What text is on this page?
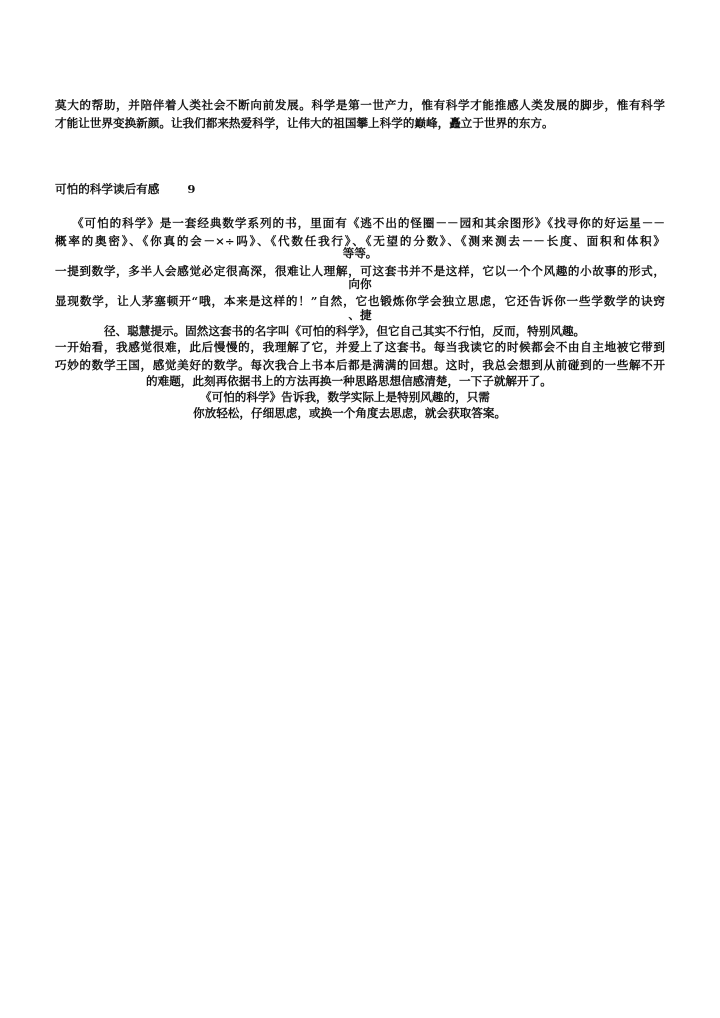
莫大的帮助，并陪伴着人类社会不断向前发展。科学是第一世产力，惟有科学才能推感人类发展的脚步，惟有科学
才能让世界变换新颜。让我们都来热爱科学，让伟大的祖国攀上科学的巅峰，矗立于世界的东方。
可怕的科学读后有感 9
《可怕的科学》是一套经典数学系列的书，里面有《逃不出的怪圈－－园和其余图形》《找寻你的好运星－－
概率的奥密》、《你真的会－×÷吗》、《代数任我行》、《无望的分数》、《测来测去－－长度、面积和体积》
等等。
一提到数学，多半人会感觉必定很高深，很难让人理解，可这套书并不是这样，它以一个个风趣的小故事的形式，
向你
显现数学，让人茅塞顿开“哦，本来是这样的！”自然，它也锻炼你学会独立思虑，它还告诉你一些学数学的诀窍
、捷
径、聪慧提示。固然这套书的名字叫《可怕的科学》，但它自己其实不行怕，反而，特别风趣。
一开始看，我感觉很难，此后慢慢的，我理解了它，并爱上了这套书。每当我读它的时候都会不由自主地被它带到
巧妙的数学王国，感觉美好的数学。每次我合上书本后都是满满的回想。这时，我总会想到从前碰到的一些解不开
的难题，此刻再依据书上的方法再换一种思路思想信感清楚，一下子就解开了。
《可怕的科学》告诉我，数学实际上是特别风趣的，只需
你放轻松，仔细思虑，或换一个角度去思虑，就会获取答案。
